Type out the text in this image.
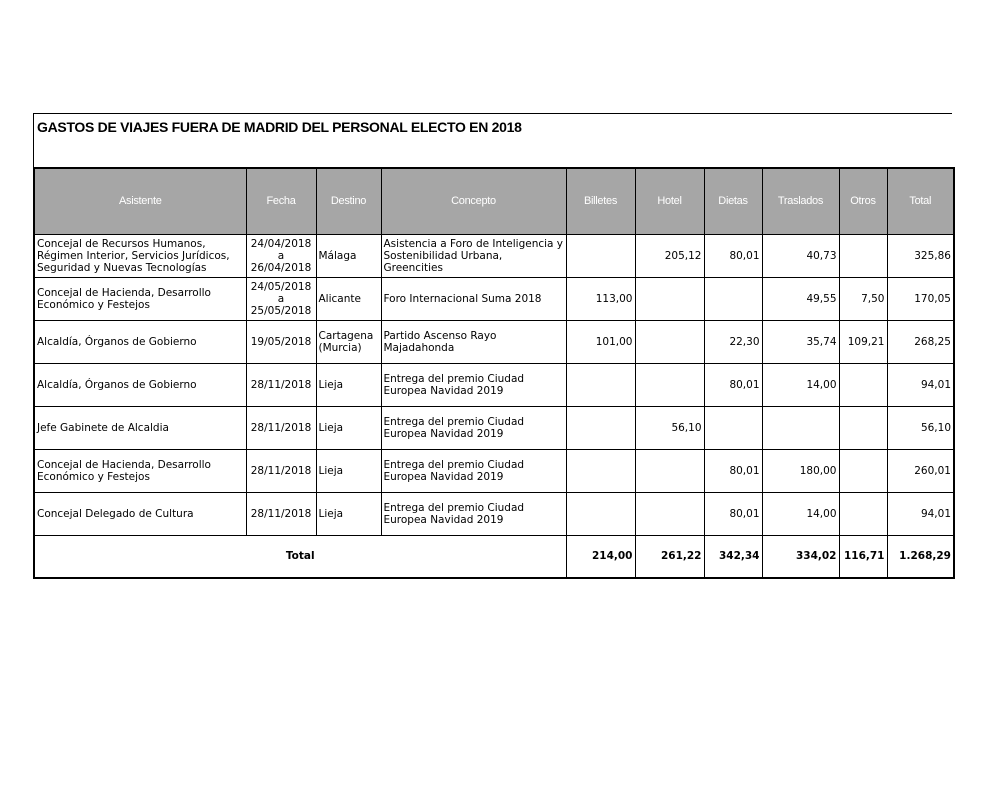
GASTOS DE VIAJES FUERA DE MADRID DEL PERSONAL ELECTO EN 2018
Asistente	Fecha	Destino	Concepto	Billetes	Hotel	Dietas	Traslados	Otros	Total
Concejal de Recursos Humanos, Régimen Interior, Servicios Jurídicos, Seguridad y Nuevas Tecnologías	24/04/2018
a
26/04/2018	Málaga	Asistencia a Foro de Inteligencia y Sostenibilidad Urbana, Greencities		205,12	80,01	40,73		325,86
Concejal de Hacienda, Desarrollo Económico y Festejos	24/05/2018
a
25/05/2018	Alicante	Foro Internacional Suma 2018	113,00			49,55	7,50	170,05
Alcaldía, Órganos de Gobierno	19/05/2018	Cartagena (Murcia)	Partido Ascenso Rayo Majadahonda	101,00		22,30	35,74	109,21	268,25
Alcaldía, Órganos de Gobierno	28/11/2018	Lieja	Entrega del premio Ciudad Europea Navidad 2019			80,01	14,00		94,01
Jefe Gabinete de Alcaldia	28/11/2018	Lieja	Entrega del premio Ciudad Europea Navidad 2019		56,10				56,10
Concejal de Hacienda, Desarrollo Económico y Festejos	28/11/2018	Lieja	Entrega del premio Ciudad Europea Navidad 2019			80,01	180,00		260,01
Concejal Delegado de Cultura	28/11/2018	Lieja	Entrega del premio Ciudad Europea Navidad 2019			80,01	14,00		94,01
Total				214,00	261,22	342,34	334,02	116,71	1.268,29
